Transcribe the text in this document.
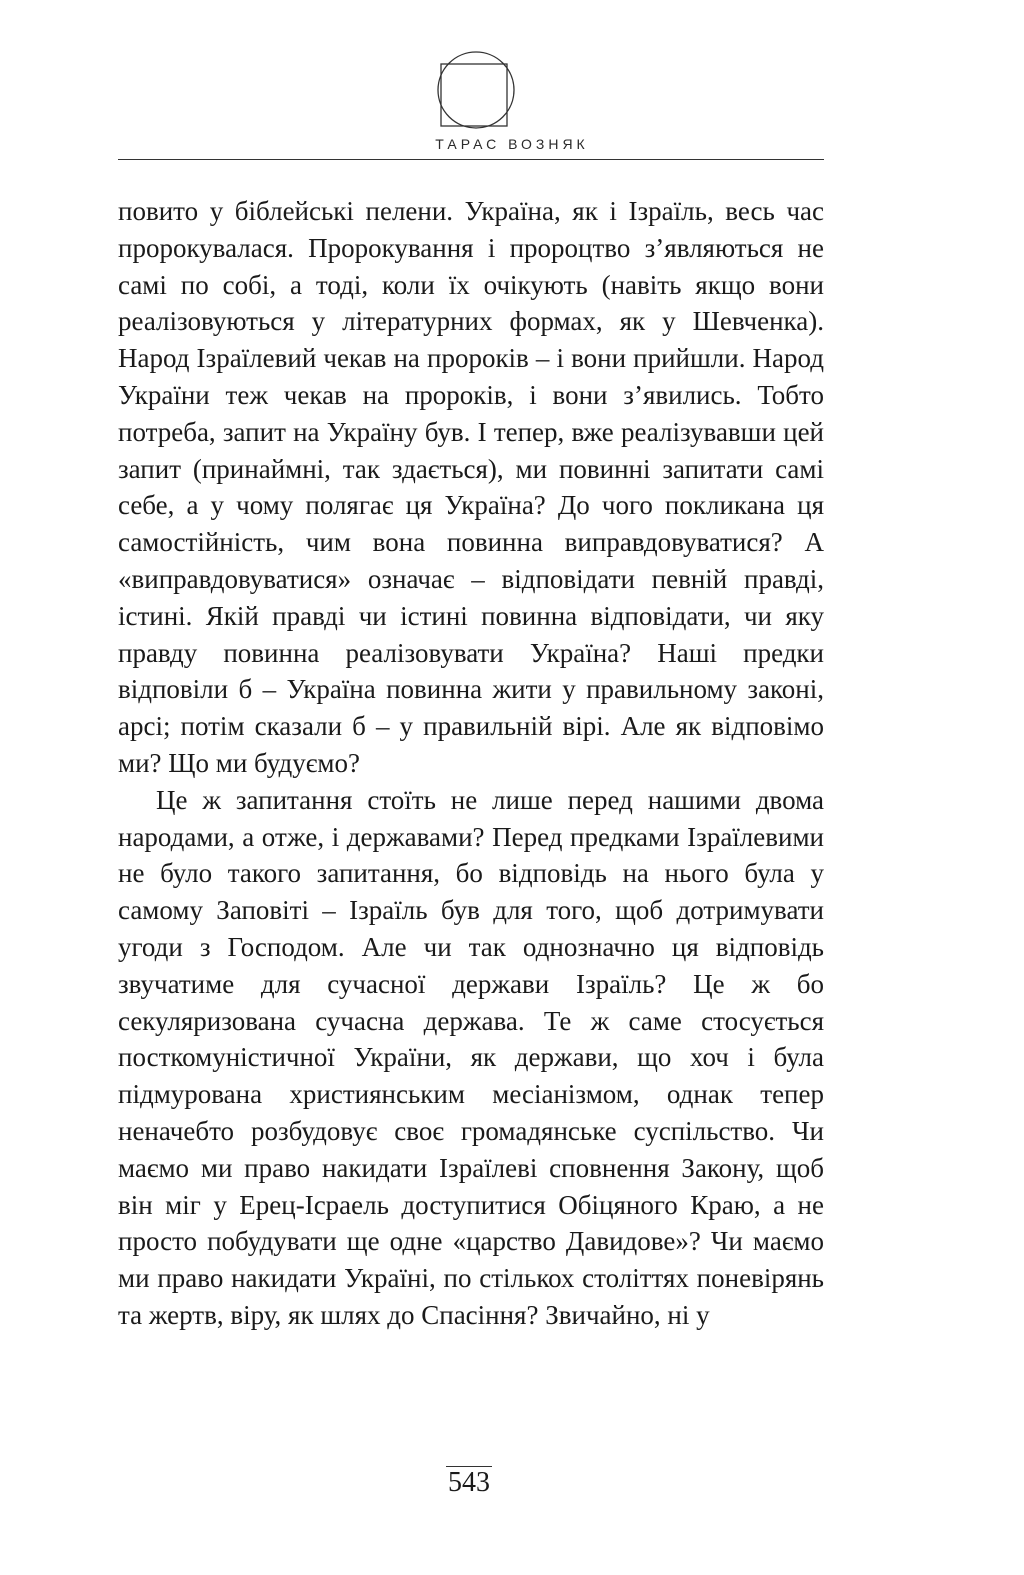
ТАРАС ВОЗНЯК

повито у біблейські пелени. Україна, як і Ізраїль, весь час пророкувалася. Пророкування і пророцтво з’являються не самі по собі, а тоді, коли їх очікують (навіть якщо вони реалізовуються у літературних формах, як у Шевченка). Народ Ізраїлевий чекав на пророків – і вони прийшли. Народ України теж чекав на пророків, і вони з’явились. Тобто потреба, запит на Україну був. І тепер, вже реалізувавши цей запит (принаймні, так здається), ми повинні запитати самі себе, а у чому полягає ця Україна? До чого покликана ця самостійність, чим вона повинна виправдовуватися? А «виправдовуватися» означає – відповідати певній правді, істині. Якій правді чи істині повинна відповідати, чи яку правду повинна реалізовувати Україна? Наші предки відповіли б – Україна повинна жити у правильному законі, арсі; потім сказали б – у правильній вірі. Але як відповімо ми? Що ми будуємо?

Це ж запитання стоїть не лише перед нашими двома народами, а отже, і державами? Перед предками Ізраїлевими не було такого запитання, бо відповідь на нього була у самому Заповіті – Ізраїль був для того, щоб дотримувати угоди з Господом. Але чи так однозначно ця відповідь звучатиме для сучасної держави Ізраїль? Це ж бо секуляризована сучасна держава. Те ж саме стосується посткомуністичної України, як держави, що хоч і була підмурована християнським месіанізмом, однак тепер неначебто розбудовує своє громадянське суспільство. Чи маємо ми право накидати Ізраїлеві сповнення Закону, щоб він міг у Ерец-Ісраель доступитися Обіцяного Краю, а не просто побудувати ще одне «царство Давидове»? Чи маємо ми право накидати Україні, по стількох століттях поневірянь та жертв, віру, як шлях до Спасіння? Звичайно, ні у

543
